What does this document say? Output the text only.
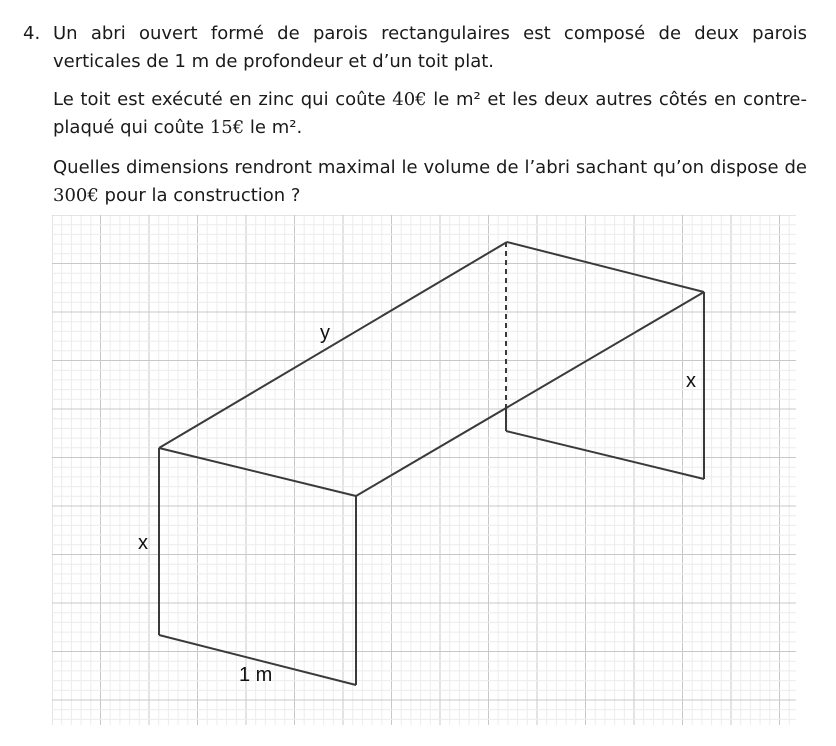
4. Un abri ouvert formé de parois rectangulaires est composé de deux parois verticales de 1 m de profondeur et d’un toit plat.

Le toit est exécuté en zinc qui coûte 40€ le m² et les deux autres côtés en contre-plaqué qui coûte 15€ le m².

Quelles dimensions rendront maximal le volume de l’abri sachant qu’on dispose de 300€ pour la construction ?

y
x
x
1 m
